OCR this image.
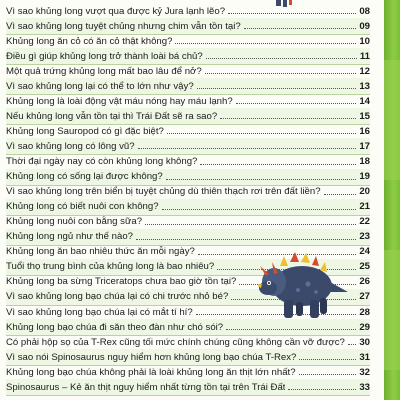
Vì sao khủng long vượt qua được kỷ Jura lạnh lẽo?	08
Vì sao khủng long tuyệt chủng nhưng chim vẫn tồn tại?	09
Khủng long ăn cỏ có ăn cỏ thật không?	10
Điều gì giúp khủng long trở thành loài bá chủ?	11
Một quả trứng khủng long mất bao lâu để nở?	12
Vì sao khủng long lại có thể to lớn như vậy?	13
Khủng long là loài động vật máu nóng hay máu lạnh?	14
Nếu khủng long vẫn tồn tại thì Trái Đất sẽ ra sao?	15
Khủng long Sauropod có gì đặc biệt?	16
Vì sao khủng long có lông vũ?	17
Thời đại ngày nay có còn khủng long không?	18
Khủng long có sống lại được không?	19
Vì sao khủng long trên biển bị tuyệt chủng dù thiên thạch rơi trên đất liền?	20
Khủng long có biết nuôi con không?	21
Khủng long nuôi con bằng sữa?	22
Khủng long ngủ như thế nào?	23
Khủng long ăn bao nhiêu thức ăn mỗi ngày?	24
Tuổi thọ trung bình của khủng long là bao nhiêu?	25
Khủng long ba sừng Triceratops chưa bao giờ tồn tại?	26
Vì sao khủng long bạo chúa lại có chi trước nhỏ bé?	27
Vì sao khủng long bạo chúa lại có mắt tí hí?	28
Khủng long bạo chúa đi săn theo đàn như chó sói?	29
Có phải hộp sọ của T-Rex cũng tối mức chính chúng cũng không cần vỡ được? 30
Vì sao nói Spinosaurus nguy hiểm hơn khủng long bạo chúa T-Rex?	31
Khủng long bạo chúa không phải là loài khủng long ăn thịt lớn nhất?	32
Spinosaurus – Kẻ ăn thịt nguy hiểm nhất từng tồn tại trên Trái Đất	33
